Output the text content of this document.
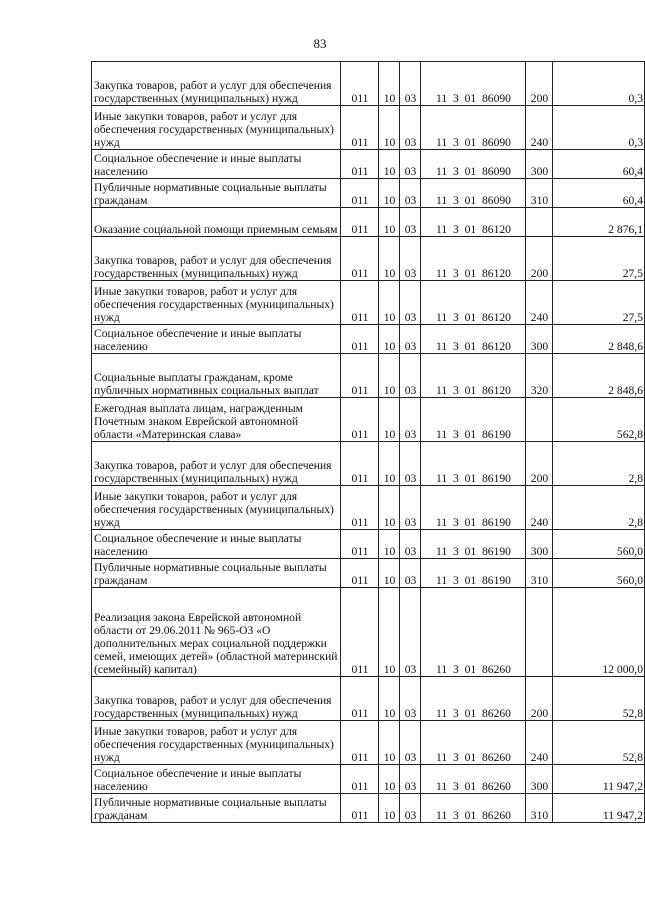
83
Закупка товаров, работ и услуг для обеспечения государственных (муниципальных) нужд	011	10	03	11  3  01  86090	200	0,3
Иные закупки товаров, работ и услуг для обеспечения государственных (муниципальных) нужд	011	10	03	11  3  01  86090	240	0,3
Социальное обеспечение и иные выплаты населению	011	10	03	11  3  01  86090	300	60,4
Публичные нормативные социальные выплаты гражданам	011	10	03	11  3  01  86090	310	60,4
Оказание социальной помощи приемным семьям	011	10	03	11  3  01  86120		2 876,1
Закупка товаров, работ и услуг для обеспечения государственных (муниципальных) нужд	011	10	03	11  3  01  86120	200	27,5
Иные закупки товаров, работ и услуг для обеспечения государственных (муниципальных) нужд	011	10	03	11  3  01  86120	240	27,5
Социальное обеспечение и иные выплаты населению	011	10	03	11  3  01  86120	300	2 848,6
Социальные выплаты гражданам, кроме публичных нормативных социальных выплат	011	10	03	11  3  01  86120	320	2 848,6
Ежегодная выплата лицам, награжденным Почетным знаком Еврейской автономной области «Материнская слава»	011	10	03	11  3  01  86190		562,8
Закупка товаров, работ и услуг для обеспечения государственных (муниципальных) нужд	011	10	03	11  3  01  86190	200	2,8
Иные закупки товаров, работ и услуг для обеспечения государственных (муниципальных) нужд	011	10	03	11  3  01  86190	240	2,8
Социальное обеспечение и иные выплаты населению	011	10	03	11  3  01  86190	300	560,0
Публичные нормативные социальные выплаты гражданам	011	10	03	11  3  01  86190	310	560,0
Реализация закона Еврейской автономной области от 29.06.2011 № 965-ОЗ «О дополнительных мерах социальной поддержки семей, имеющих детей» (областной материнский (семейный) капитал)	011	10	03	11  3  01  86260		12 000,0
Закупка товаров, работ и услуг для обеспечения государственных (муниципальных) нужд	011	10	03	11  3  01  86260	200	52,8
Иные закупки товаров, работ и услуг для обеспечения государственных (муниципальных) нужд	011	10	03	11  3  01  86260	240	52,8
Социальное обеспечение и иные выплаты населению	011	10	03	11  3  01  86260	300	11 947,2
Публичные нормативные социальные выплаты гражданам	011	10	03	11  3  01  86260	310	11 947,2
